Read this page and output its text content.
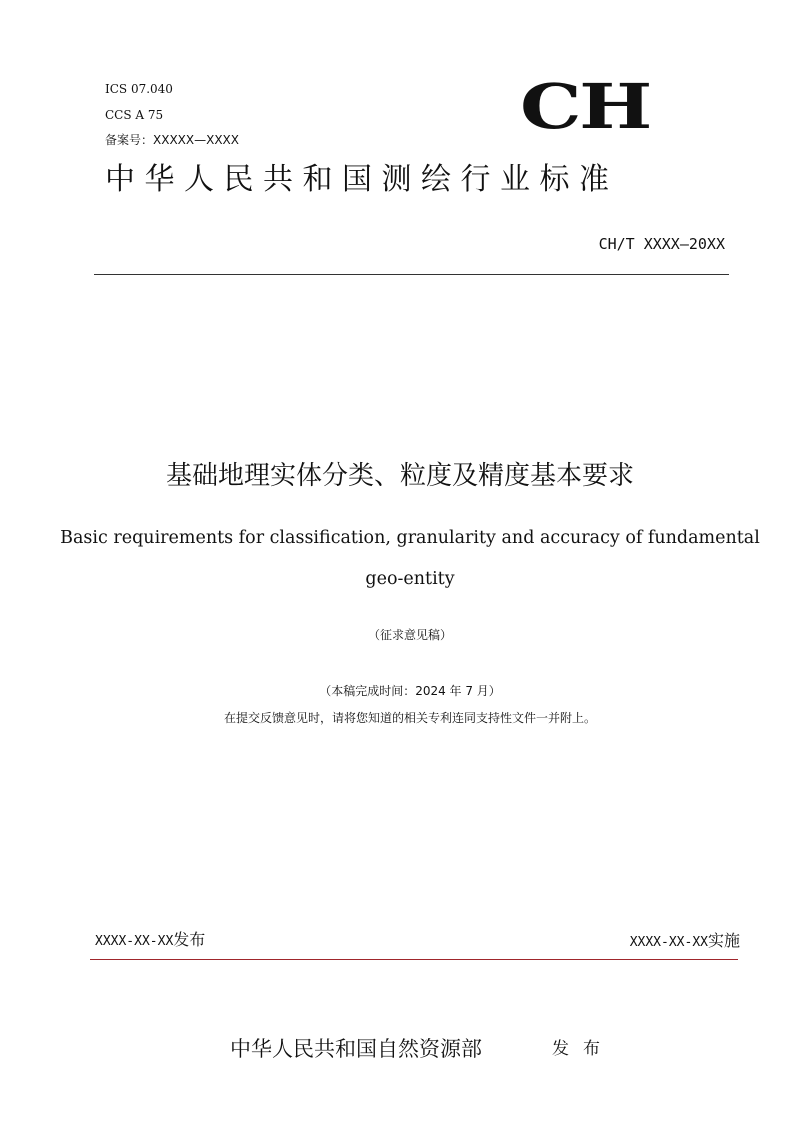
ICS 07.040
CCS A 75
备案号：XXXXX—XXXX	CH
中华人民共和国测绘行业标准
CH/T XXXX—20XX
基础地理实体分类、粒度及精度基本要求
Basic requirements for classification, granularity and accuracy of fundamental
geo-entity
（征求意见稿）
（本稿完成时间：2024 年 7 月）
在提交反馈意见时，请将您知道的相关专利连同支持性文件一并附上。
XXXX-XX-XX发布	XXXX-XX-XX实施
中华人民共和国自然资源部	发布
